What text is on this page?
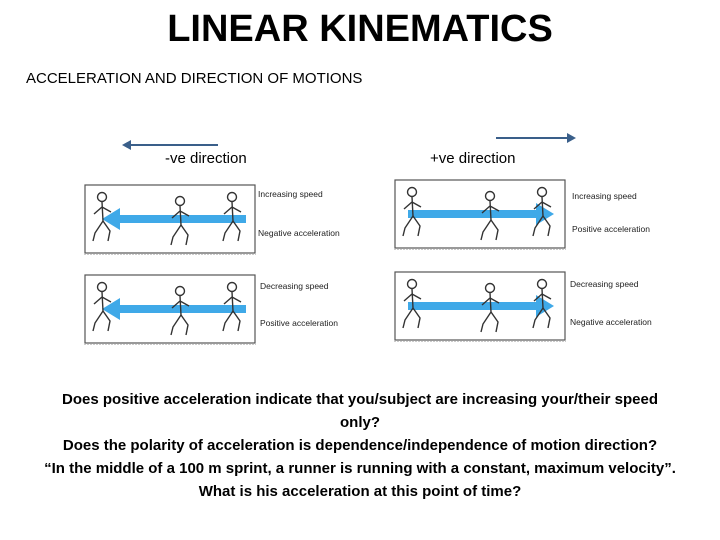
LINEAR KINEMATICS
ACCELERATION AND DIRECTION OF MOTIONS
-ve direction	+ve direction
Increasing speed
Negative acceleration
Decreasing speed
Positive acceleration
Increasing speed
Positive acceleration
Decreasing speed
Negative acceleration
Does positive acceleration indicate that you/subject are increasing your/their speed only?
Does the polarity of acceleration is dependence/independence of motion direction?
“In the middle of a 100 m sprint, a runner is running with a constant, maximum velocity”. What is his acceleration at this point of time?
